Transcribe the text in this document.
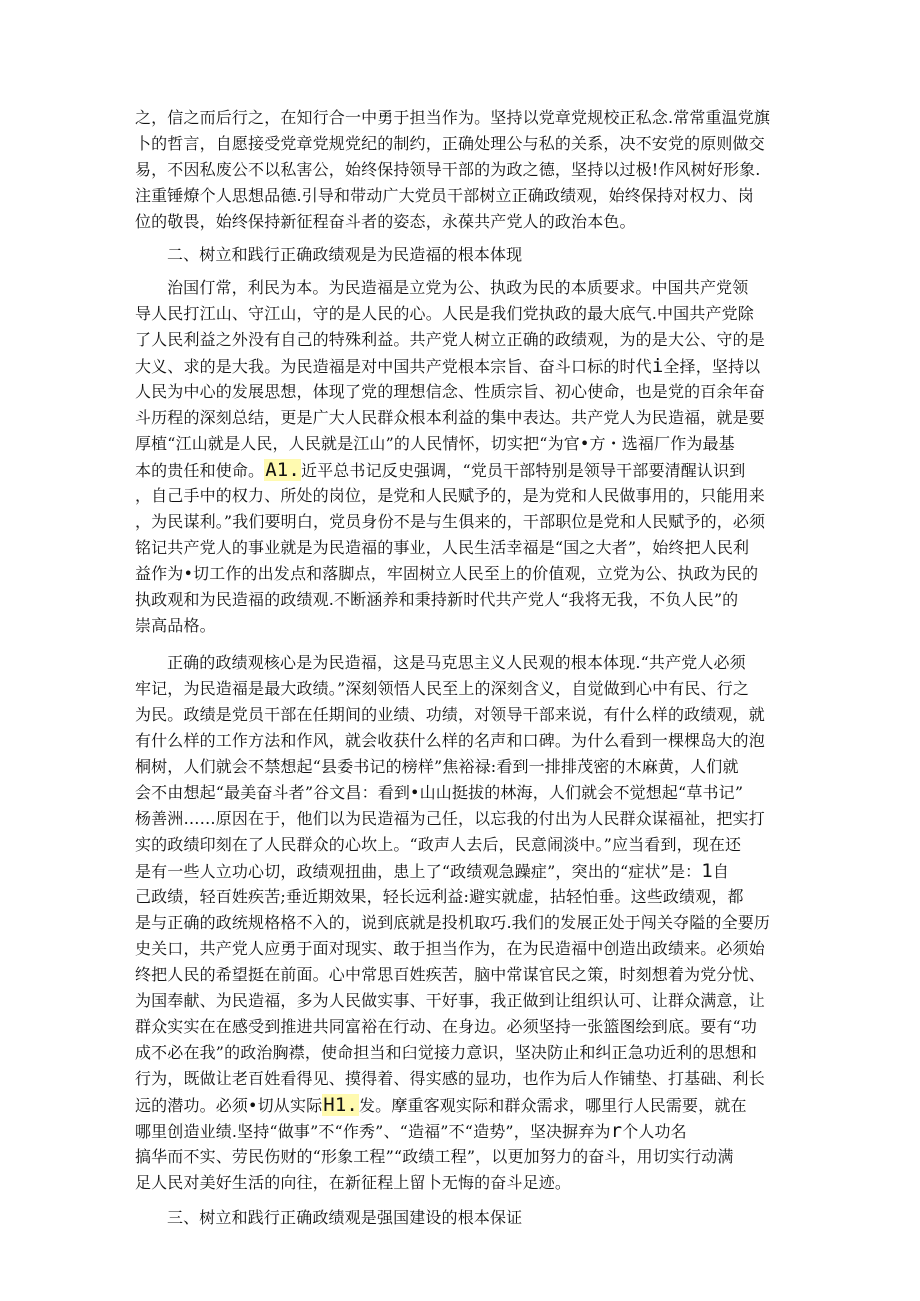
之，信之而后行之，在知行合一中勇于担当作为。坚持以党章党规校正私念.常常重温党旗
卜的哲言，自愿接受党章党规党纪的制约，正确处理公与私的关系，决不安党的原则做交
易，不因私废公不以私害公，始终保持领导干部的为政之德，坚持以过极!作风树好形象.
注重锤燎个人思想品德.引导和带动广大党员干部树立正确政绩观，始终保持对权力、岗
位的敬畏，始终保持新征程奋斗者的姿态，永葆共产党人的政治本色。
二、树立和践行正确政绩观是为民造福的根本体现
治国仃常，利民为本。为民造福是立党为公、执政为民的本质要求。中国共产党领
导人民打江山、守江山，守的是人民的心。人民是我们党执政的最大底气.中国共产党除
了人民利益之外没有自己的特殊利益。共产党人树立正确的政绩观，为的是大公、守的是
大义、求的是大我。为民造福是对中国共产党根本宗旨、奋斗口标的时代i全择，坚持以
人民为中心的发展思想，体现了党的理想信念、性质宗旨、初心使命，也是党的百余年奋
斗历程的深刻总结，更是广大人民群众根本利益的集中表达。共产党人为民造福，就是要
厚植“江山就是人民，人民就是江山”的人民情怀，切实把“为官•方・选福厂作为最基
本的贵任和使命。A1.近平总书记反史强调，“党员干部特别是领导干部要清醒认识到
，自己手中的权力、所处的岗位，是党和人民赋予的，是为党和人民做事用的，只能用来
，为民谋利。”我们要明白，党员身份不是与生俱来的，干部职位是党和人民赋予的，必须
铭记共产党人的事业就是为民造福的事业，人民生活幸福是“国之大者”，始终把人民利
益作为•切工作的出发点和落脚点，牢固树立人民至上的价值观，立党为公、执政为民的
执政观和为民造福的政绩观.不断涵养和秉持新时代共产党人“我将无我，不负人民”的
崇高品格。
正确的政绩观核心是为民造福，这是马克思主义人民观的根本体现.“共产党人必须
牢记，为民造福是最大政绩。”深刻领悟人民至上的深刻含义，自觉做到心中有民、行之
为民。政绩是党员干部在任期间的业绩、功绩，对领导干部来说，有什么样的政绩观，就
有什么样的工作方法和作风，就会收获什么样的名声和口碑。为什么看到一棵棵岛大的泡
桐树，人们就会不禁想起“县委书记的榜样”焦裕禄:看到一排排茂密的木麻黄，人们就
会不由想起“最美奋斗者”谷文昌：看到•山山挺拔的林海，人们就会不觉想起“草书记”
杨善洲……原因在于，他们以为民造福为己任，以忘我的付出为人民群众谋福祉，把实打
实的政绩印刻在了人民群众的心坎上。“政声人去后，民意闹淡中。”应当看到，现在还
是有一些人立功心切，政绩观扭曲，患上了“政绩观急躁症”，突出的“症状”是：1自
己政绩，轻百姓疾苦;垂近期效果，轻长远利益:避实就虚，拈轻怕垂。这些政绩观，都
是与正确的政统规格格不入的，说到底就是投机取巧.我们的发展正处于闯关夺隘的全要历
史关口，共产党人应勇于面对现实、敢于担当作为，在为民造福中创造出政绩来。必须始
终把人民的希望挺在前面。心中常思百姓疾苦，脑中常谋官民之策，时刻想着为党分忧、
为国奉献、为民造福，多为人民做实事、干好事，我正做到让组织认可、让群众满意，让
群众实实在在感受到推进共同富裕在行动、在身边。必须坚持一张篮图绘到底。要有“功
成不必在我”的政治胸襟，使命担当和臼觉接力意识，坚决防止和纠正急功近利的思想和
行为，既做让老百姓看得见、摸得着、得实感的显功，也作为后人作铺垫、打基础、利长
远的潜功。必须•切从实际H1.发。摩重客观实际和群众需求，哪里行人民需要，就在
哪里创造业绩.坚持“做事”不“作秀”、“造福”不“造势”，坚决摒弃为r个人功名
搞华而不实、劳民伤财的“形象工程”“政绩工程”，以更加努力的奋斗，用切实行动满
足人民对美好生活的向往，在新征程上留卜无悔的奋斗足迹。
三、树立和践行正确政绩观是强国建设的根本保证
